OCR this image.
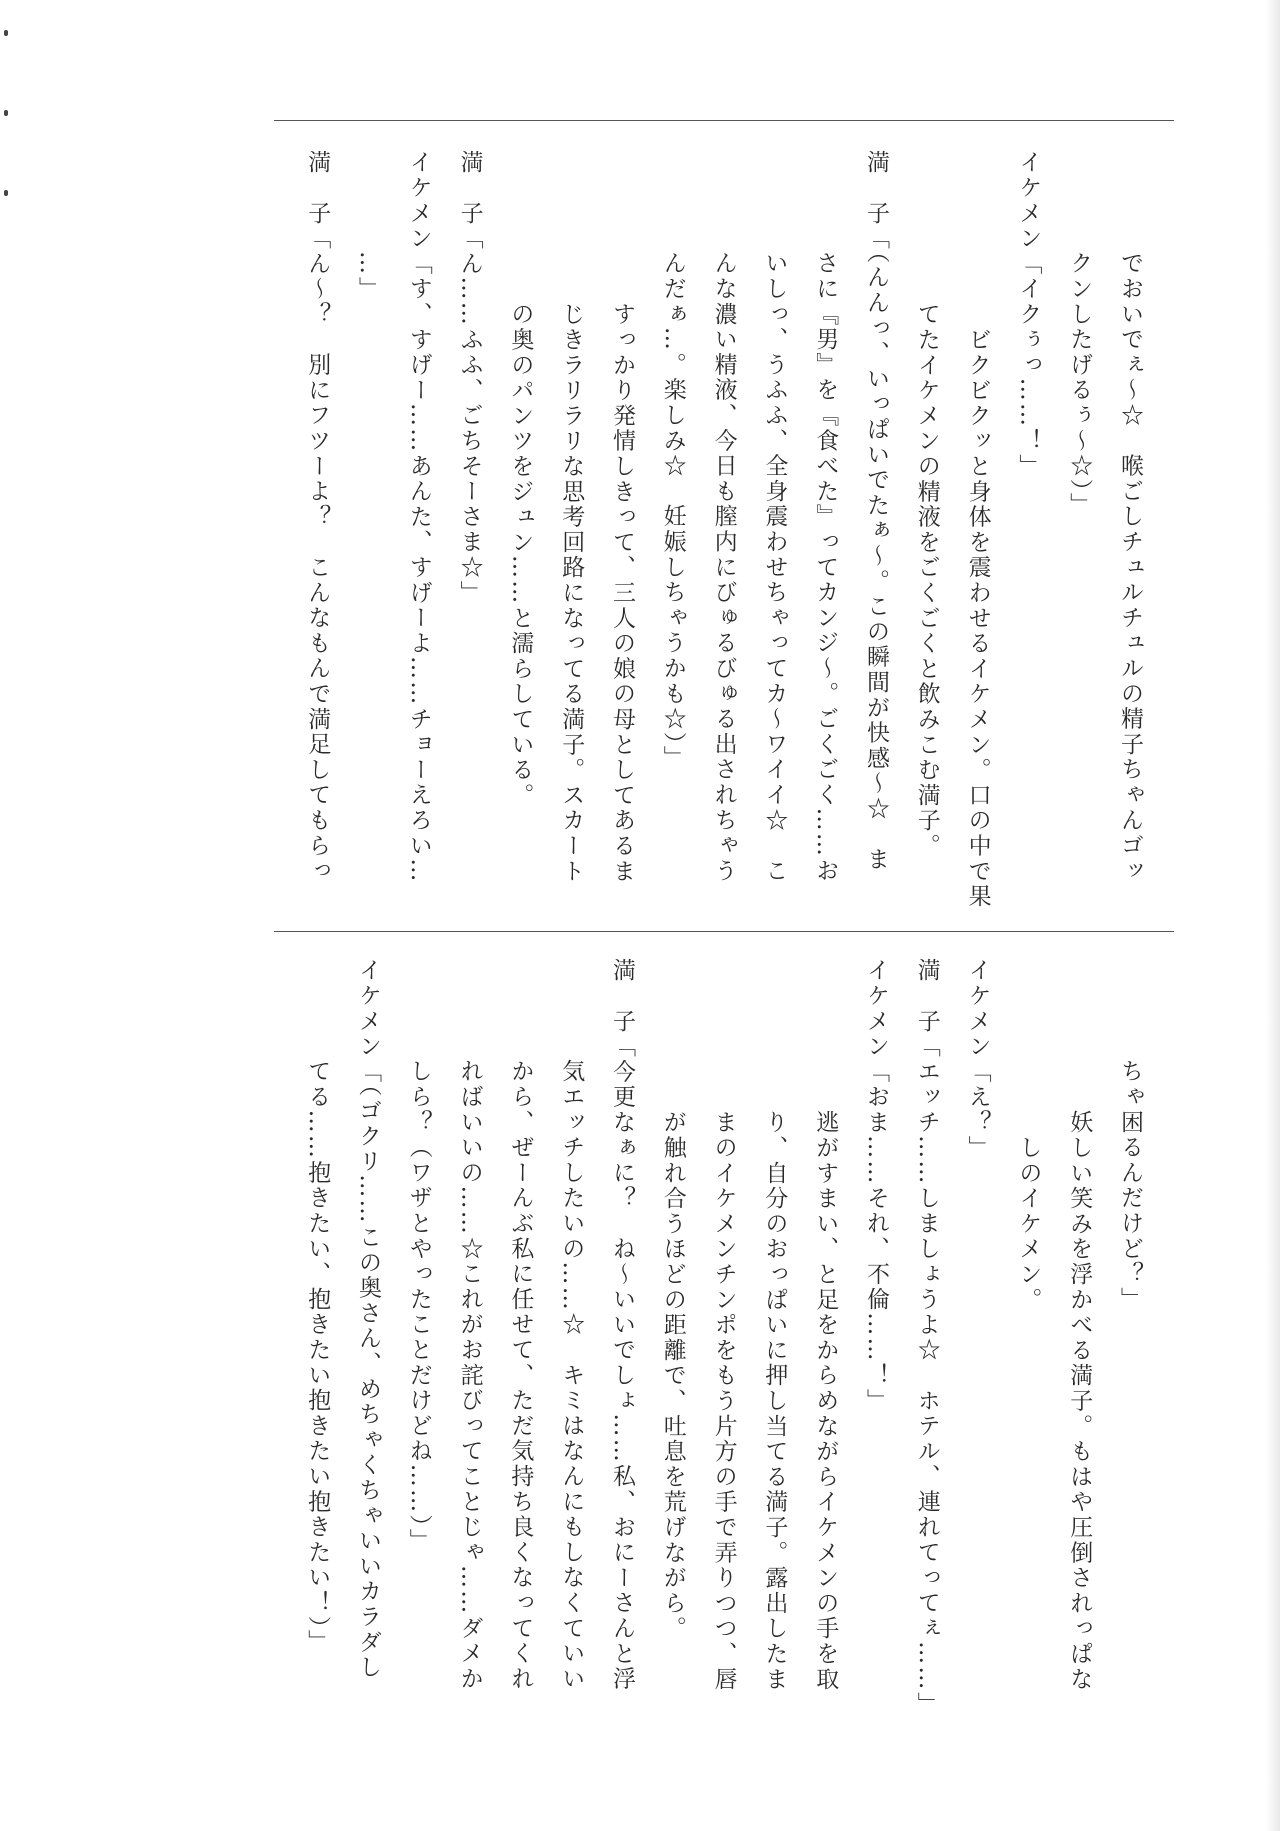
でおいでぇ～☆　喉ごしチュルチュルの精子ちゃんゴッ
クンしたげるぅ～☆）」
イケメン「イクぅっ……！」
　ビクビクッと身体を震わせるイケメン。口の中で果
てたイケメンの精液をごくごくと飲みこむ満子。
満　子「（んんっ、いっぱいでたぁ～。この瞬間が快感～☆　ま
さに『男』を『食べた』ってカンジ～。ごくごく……お
いしっ、うふふ、全身震わせちゃってカ～ワイイ☆　こ
んな濃い精液、今日も膣内にびゅるびゅる出されちゃう
んだぁ…。楽しみ☆　妊娠しちゃうかも☆）」
すっかり発情しきって、三人の娘の母としてあるま
じきラリラリな思考回路になってる満子。スカート
の奥のパンツをジュン……と濡らしている。
満　子「ん……ふふ、ごちそーさま☆」
イケメン「す、すげー……あんた、すげーよ……チョーえろい…
…」
満　子「ん～？　別にフツーよ？　こんなもんで満足してもらっ
ちゃ困るんだけど？」
妖しい笑みを浮かべる満子。もはや圧倒されっぱな
　しのイケメン。
イケメン「え？」
満　子「エッチ……しましょうよ☆　ホテル、連れてってぇ……」
イケメン「おま……それ、不倫……！」
逃がすまい、と足をからめながらイケメンの手を取
り、自分のおっぱいに押し当てる満子。露出したま
まのイケメンチンポをもう片方の手で弄りつつ、唇
が触れ合うほどの距離で、吐息を荒げながら。
満　子「今更なぁに？　ね～いいでしょ……私、おにーさんと浮
気エッチしたいの……☆　キミはなんにもしなくていい
から、ぜーんぶ私に任せて、ただ気持ち良くなってくれ
ればいいの……☆これがお詫びってことじゃ……ダメか
しら？（ワザとやったことだけどね……）」
イケメン「（ゴクリ……この奥さん、めちゃくちゃいいカラダし
てる……抱きたい、抱きたい抱きたい抱きたい！）」
